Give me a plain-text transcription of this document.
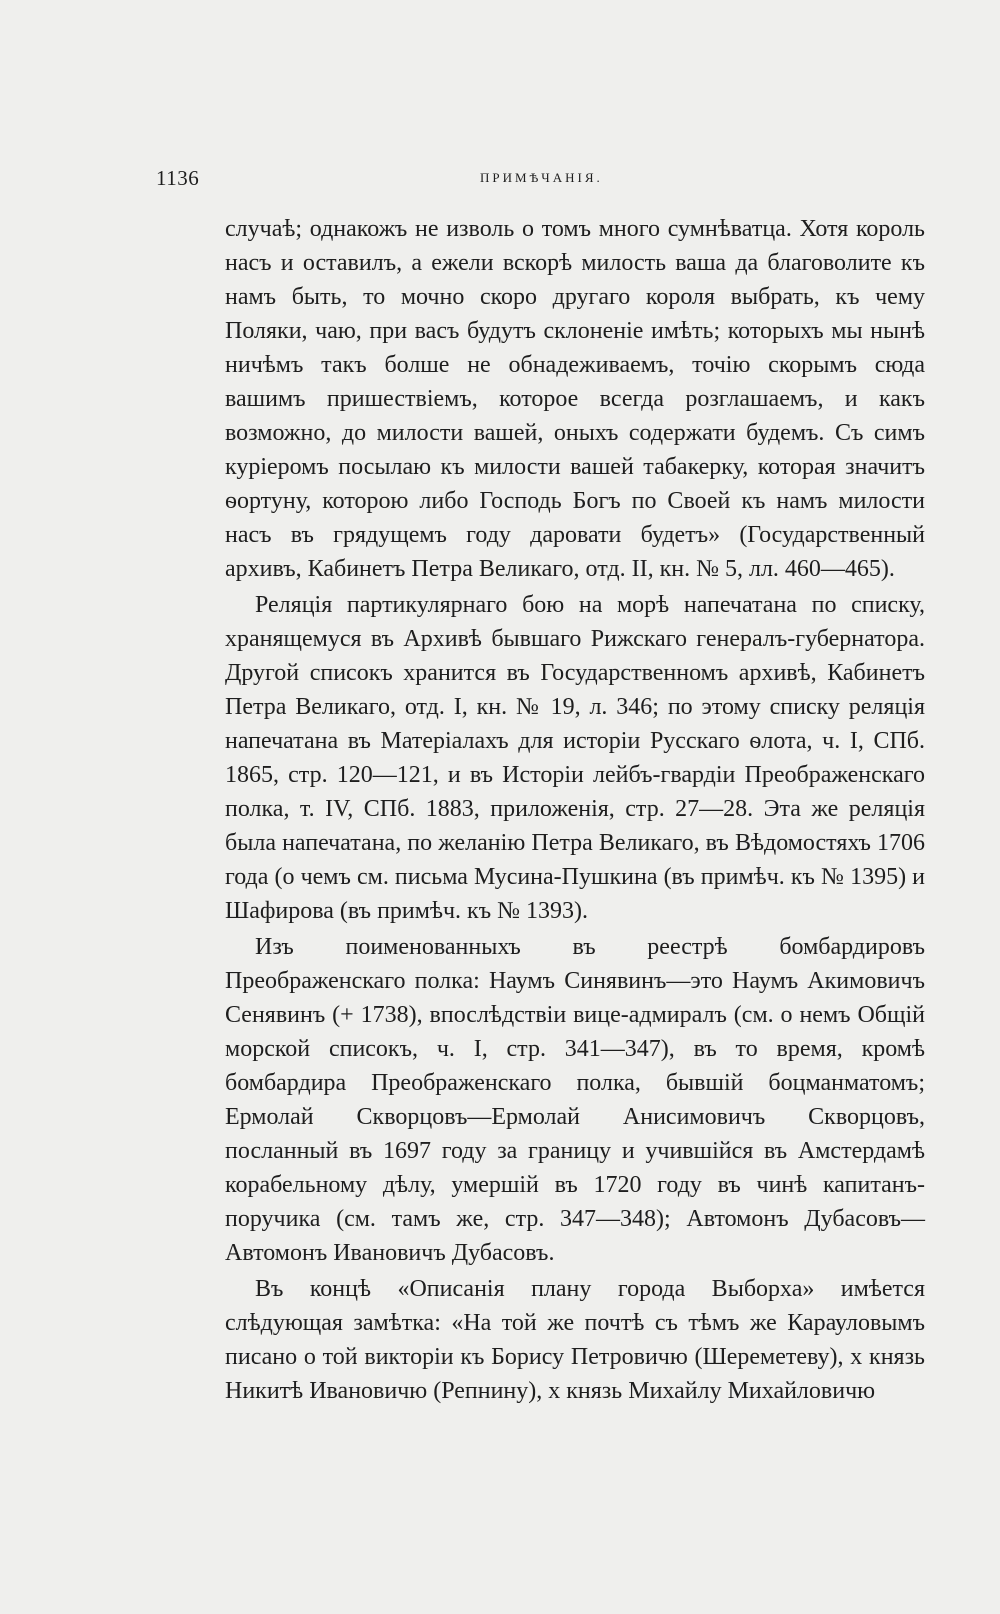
1136	ПРИМѢЧАНІЯ.

случаѣ; однакожъ не изволь о томъ много сумнѣватца. Хотя король насъ и оставилъ, а ежели вскорѣ милость ваша да благоволите къ намъ быть, то мочно скоро другаго короля выбрать, къ чему Поляки, чаю, при васъ будутъ склоненіе имѣть; которыхъ мы нынѣ ничѣмъ такъ болше не обнадеживаемъ, точію скорымъ сюда вашимъ пришествіемъ, которое всегда розглашаемъ, и какъ возможно, до милости вашей, оныхъ содержати будемъ. Съ симъ куріеромъ посылаю къ милости вашей табакерку, которая значитъ ѳортуну, которою либо Господь Богъ по Своей къ намъ милости насъ въ грядущемъ году даровати будетъ» (Государственный архивъ, Кабинетъ Петра Великаго, отд. II, кн. № 5, лл. 460—465).

Реляція партикулярнаго бою на морѣ напечатана по списку, хранящемуся въ Архивѣ бывшаго Рижскаго генералъ-губернатора. Другой списокъ хранится въ Государственномъ архивѣ, Кабинетъ Петра Великаго, отд. I, кн. № 19, л. 346; по этому списку реляція напечатана въ Матеріалахъ для исторіи Русскаго ѳлота, ч. I, СПб. 1865, стр. 120—121, и въ Исторіи лейбъ-гвардіи Преображенскаго полка, т. IV, СПб. 1883, приложенія, стр. 27—28. Эта же реляція была напечатана, по желанію Петра Великаго, въ Вѣдомостяхъ 1706 года (о чемъ см. письма Мусина-Пушкина (въ примѣч. къ № 1395) и Шафирова (въ примѣч. къ № 1393).

Изъ поименованныхъ въ реестрѣ бомбардировъ Преображенскаго полка: Наумъ Синявинъ—это Наумъ Акимовичъ Сенявинъ (+ 1738), впослѣдствіи вице-адмиралъ (см. о немъ Общій морской списокъ, ч. I, стр. 341—347), въ то время, кромѣ бомбардира Преображенскаго полка, бывшій боцманматомъ; Ермолай Скворцовъ—Ермолай Анисимовичъ Скворцовъ, посланный въ 1697 году за границу и учившійся въ Амстердамѣ корабельному дѣлу, умершій въ 1720 году въ чинѣ капитанъ-поручика (см. тамъ же, стр. 347—348); Автомонъ Дубасовъ—Автомонъ Ивановичъ Дубасовъ.

Въ концѣ «Описанія плану города Выборха» имѣется слѣдующая замѣтка: «На той же почтѣ съ тѣмъ же Карауловымъ писано о той викторіи къ Борису Петровичю (Шереметеву), х князь Никитѣ Ивановичю (Репнину), х князь Михайлу Михайловичю
